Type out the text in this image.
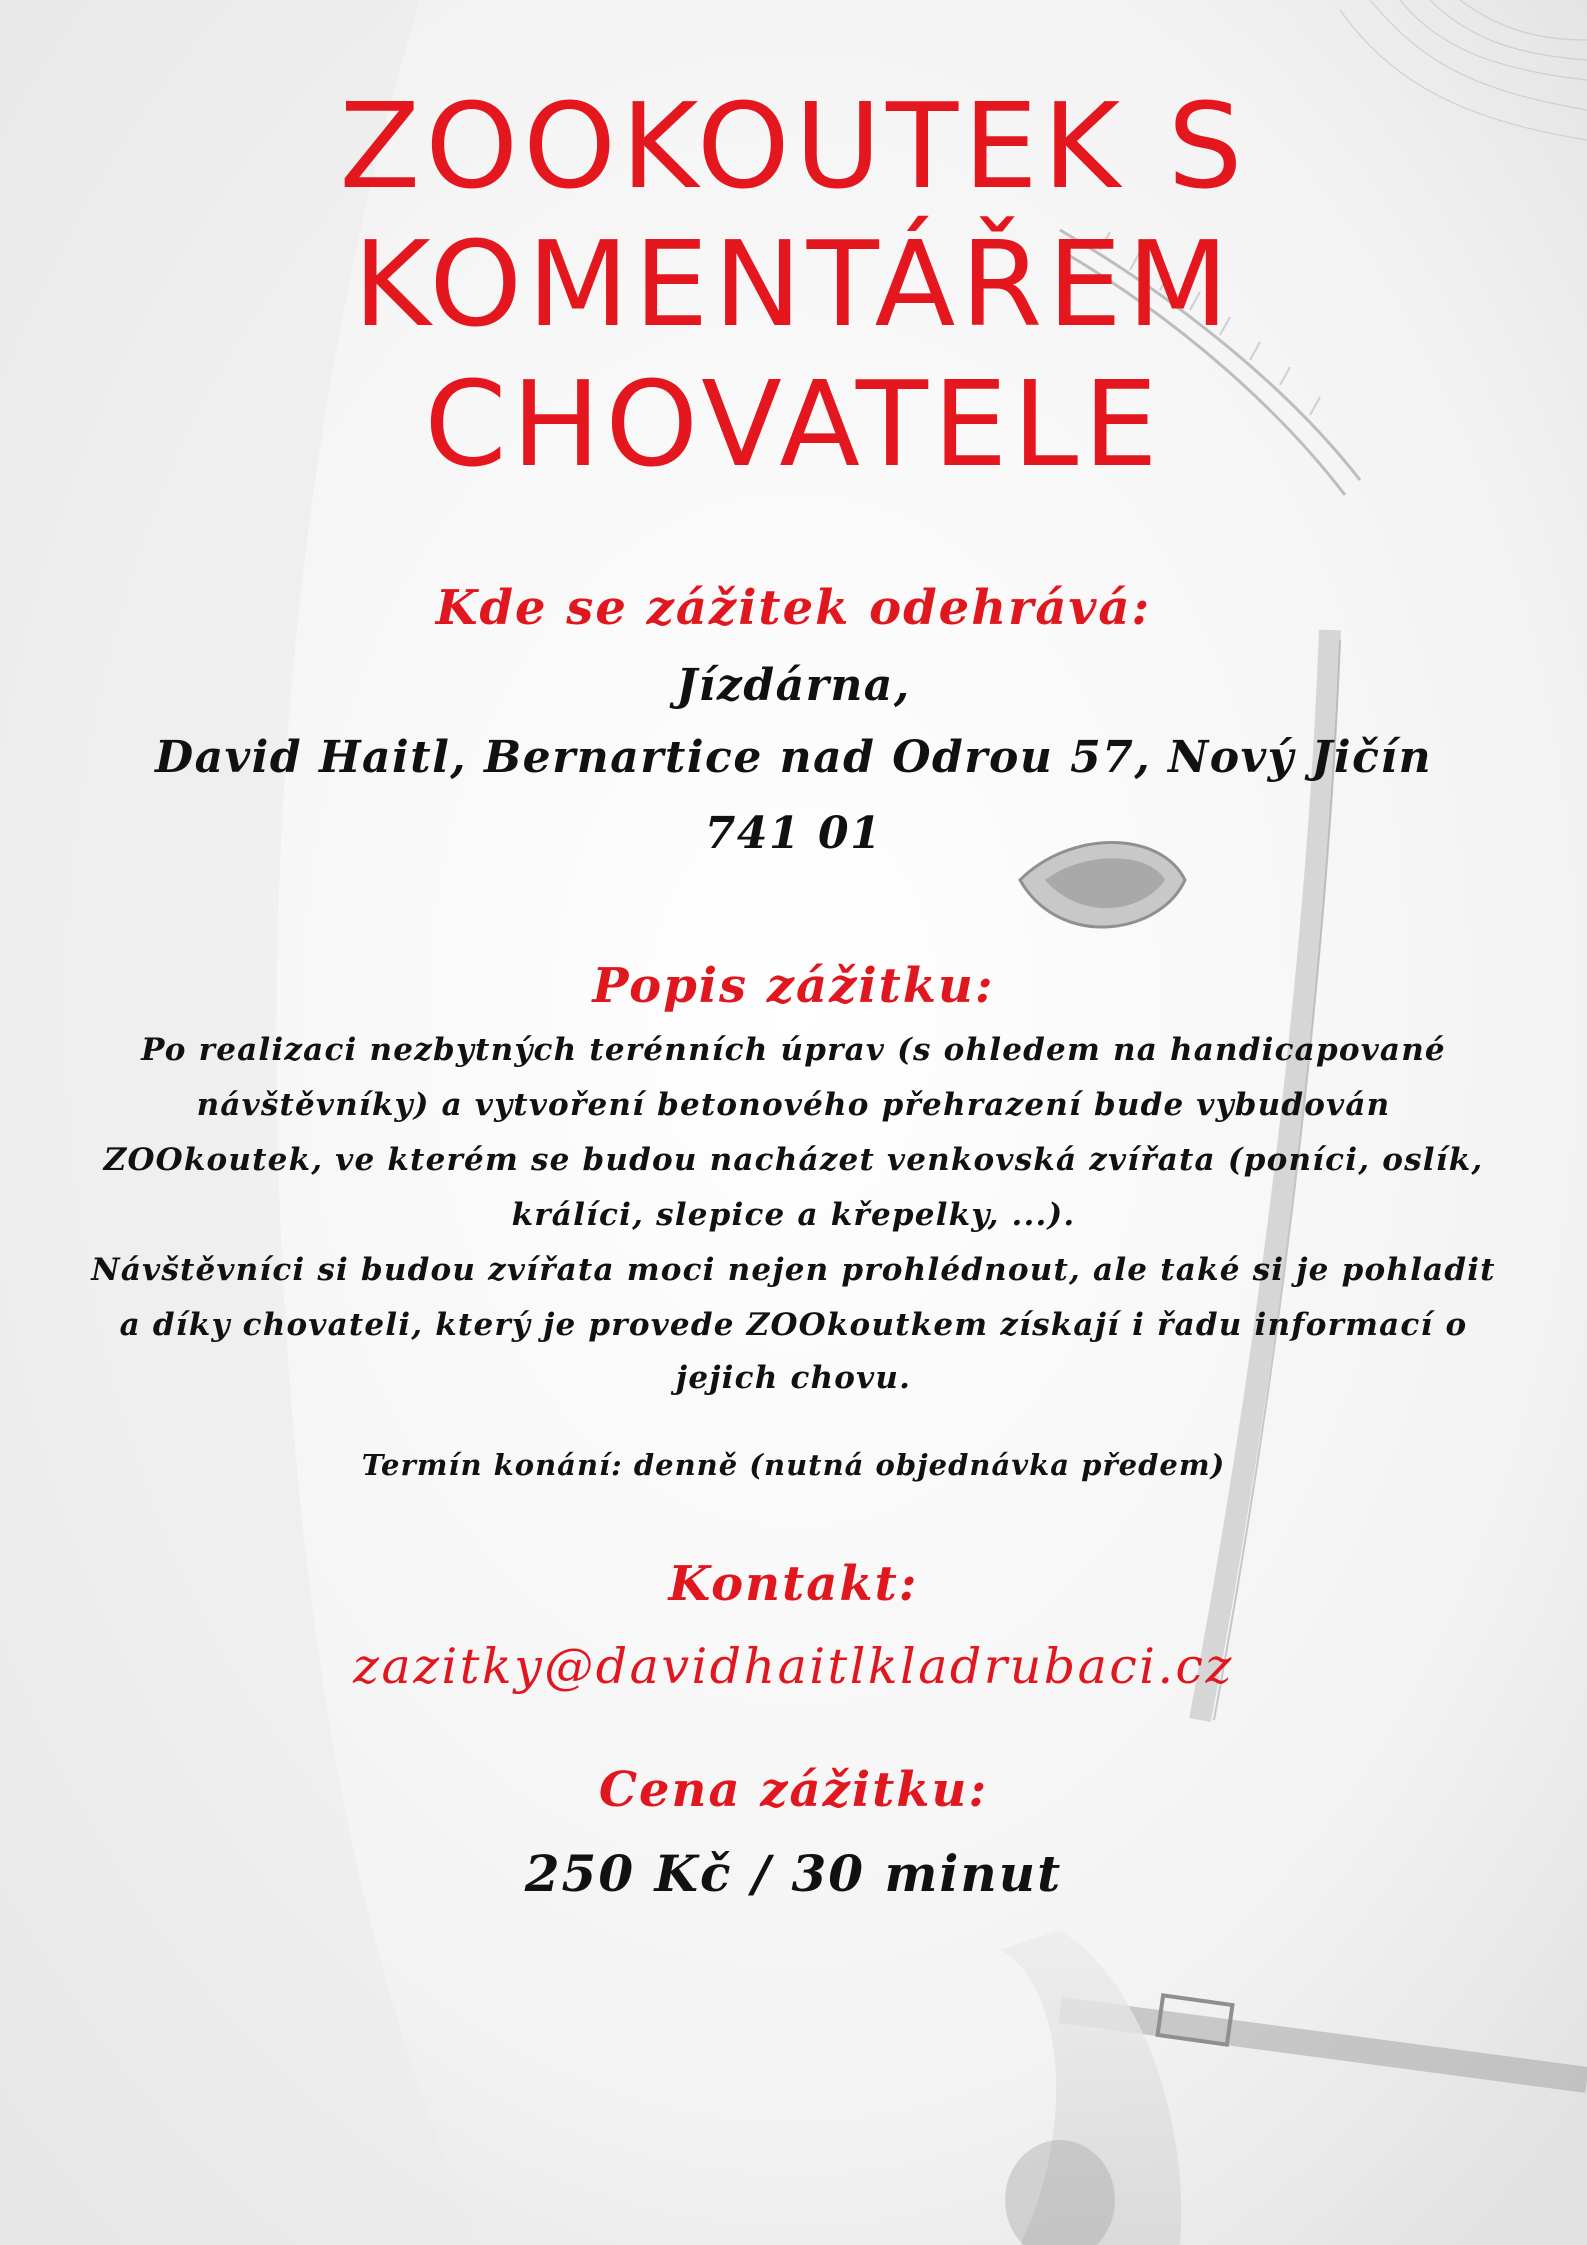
ZOOKOUTEK S
KOMENTÁŘEM
CHOVATELE

Kde se zážitek odehrává:

Jízdárna,

David Haitl, Bernartice nad Odrou 57, Nový Jičín

741 01

Popis zážitku:

Po realizaci nezbytných terénních úprav (s ohledem na handicapované

návštěvníky) a vytvoření betonového přehrazení bude vybudován

ZOOkoutek, ve kterém se budou nacházet venkovská zvířata (poníci, oslík,

králíci, slepice a křepelky, ...).

Návštěvníci si budou zvířata moci nejen prohlédnout, ale také si je pohladit

a díky chovateli, který je provede ZOOkoutkem získají i řadu informací o

jejich chovu.

Termín konání: denně (nutná objednávka předem)

Kontakt:

zazitky@davidhaitlkladrubaci.cz

Cena zážitku:

250 Kč / 30 minut
